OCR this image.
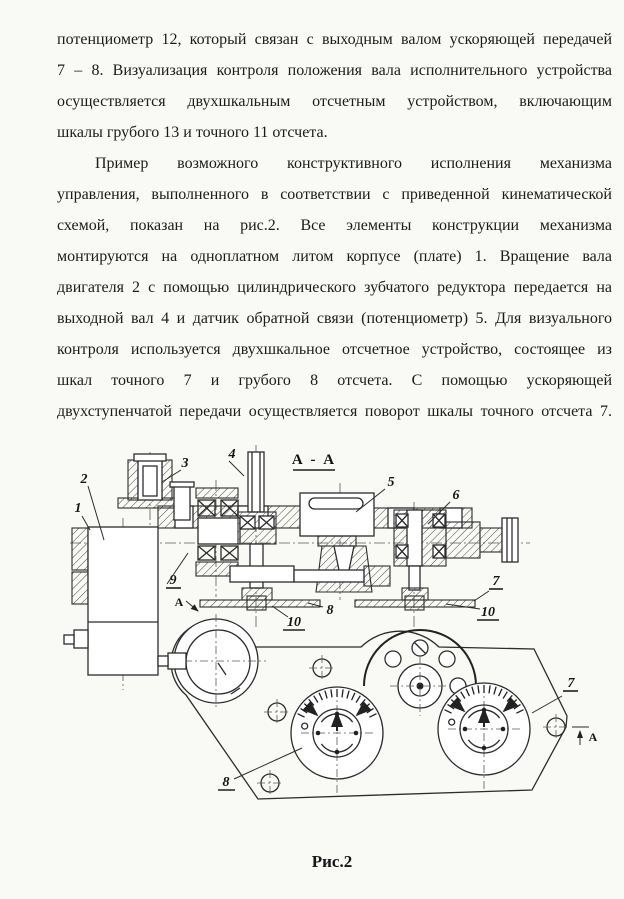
потенциометр 12, который связан с выходным валом ускоряющей передачей
7 – 8. Визуализация контроля положения вала исполнительного устройства
осуществляется двухшкальным отсчетным устройством, включающим
шкалы грубого 13 и точного 11 отсчета.
Пример возможного конструктивного исполнения механизма
управления, выполненного в соответствии с приведенной кинематической
схемой, показан на рис.2. Все элементы конструкции механизма
монтируются на одноплатном литом корпусе (плате) 1. Вращение вала
двигателя 2 с помощью цилиндрического зубчатого редуктора передается на
выходной вал 4 и датчик обратной связи (потенциометр) 5. Для визуального
контроля используется двухшкальное отсчетное устройство, состоящее из
шкал точного 7 и грубого 8 отсчета. С помощью ускоряющей
двухступенчатой передачи осуществляется поворот шкалы точного отсчета 7.
А - А
1
2
3
4
5
6
9
8
10
7
10
8
7
А
А
Рис.2
